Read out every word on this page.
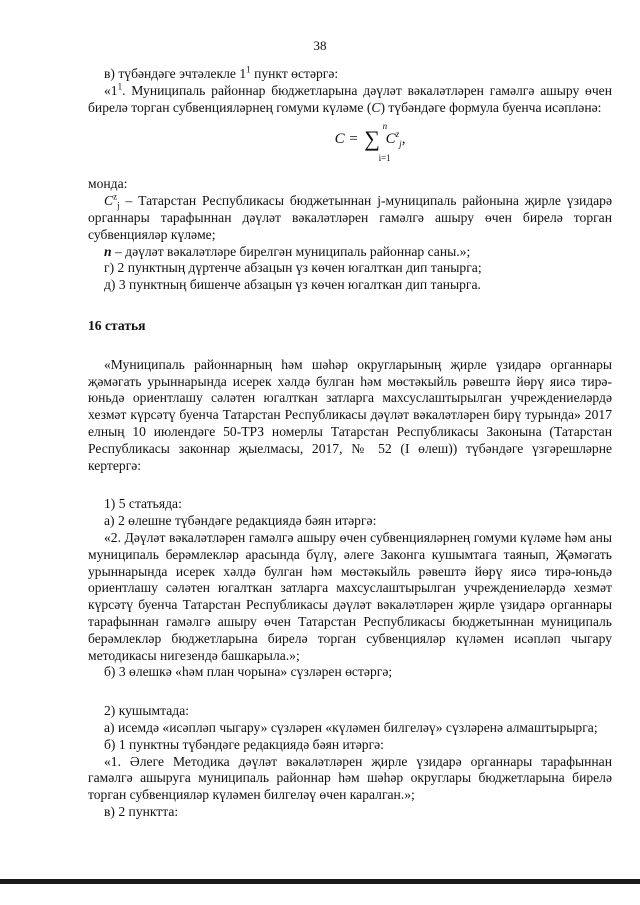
38

в) түбәндәге эчтәлекле $1^1$ пункт өстәргә:

«$1^1$. Муниципаль районнар бюджетларына дәүләт вәкаләтләрен гамәлгә ашыру өчен бирелә торган субвенцияләрнең гомуми күләме (C) түбәндәге формула буенча исәпләнә:

C = ∑ n
i=1
$C^z_j$,

монда:

$C^z_j$ – Татарстан Республикасы бюджетыннан j-муниципаль районына җирле үзидарә органнары тарафыннан дәүләт вәкаләтләрен гамәлгә ашыру өчен бирелә торган субвенцияләр күләме;

n – дәүләт вәкаләтләре бирелгән муниципаль районнар саны.»;

г) 2 пунктның дүртенче абзацын үз көчен югалткан дип танырга;

д) 3 пунктның бишенче абзацын үз көчен югалткан дип танырга.

16 статья

«Муниципаль районнарның һәм шәһәр округларының җирле үзидарә органнары җәмәгать урыннарында исерек хәлдә булган һәм мөстәкыйль рәвештә йөрү яисә тирә-юньдә ориентлашу сәләтен югалткан затларга махсуслаштырылган учреждениеләрдә хезмәт күрсәтү буенча Татарстан Республикасы дәүләт вәкаләтләрен бирү турында» 2017 елның 10 июлендәге 50-ТРЗ номерлы Татарстан Республикасы Законына (Татарстан Республикасы законнар җыелмасы, 2017, № 52 (I өлеш)) түбәндәге үзгәрешләрне кертергә:

1) 5 статьяда:

а) 2 өлешне түбәндәге редакциядә бәян итәргә:

«2. Дәүләт вәкаләтләрен гамәлгә ашыру өчен субвенцияләрнең гомуми күләме һәм аны муниципаль берәмлекләр арасында бүлү, әлеге Законга кушымтага таянып, Җәмәгать урыннарында исерек хәлдә булган һәм мөстәкыйль рәвештә йөрү яисә тирә-юньдә ориентлашу сәләтен югалткан затларга махсуслаштырылган учреждениеләрдә хезмәт күрсәтү буенча Татарстан Республикасы дәүләт вәкаләтләрен җирле үзидарә органнары тарафыннан гамәлгә ашыру өчен Татарстан Республикасы бюджетыннан муниципаль берәмлекләр бюджетларына бирелә торган субвенцияләр күләмен исәпләп чыгару методикасы нигезендә башкарыла.»;

б) 3 өлешкә «һәм план чорына» сүзләрен өстәргә;

2) кушымтада:

а) исемдә «исәпләп чыгару» сүзләрен «күләмен билгеләү» сүзләренә алмаштырырга;

б) 1 пунктны түбәндәге редакциядә бәян итәргә:

«1. Әлеге Методика дәүләт вәкаләтләрен җирле үзидарә органнары тарафыннан гамәлгә ашыруга муниципаль районнар һәм шәһәр округлары бюджетларына бирелә торган субвенцияләр күләмен билгеләү өчен каралган.»;

в) 2 пунктта:
